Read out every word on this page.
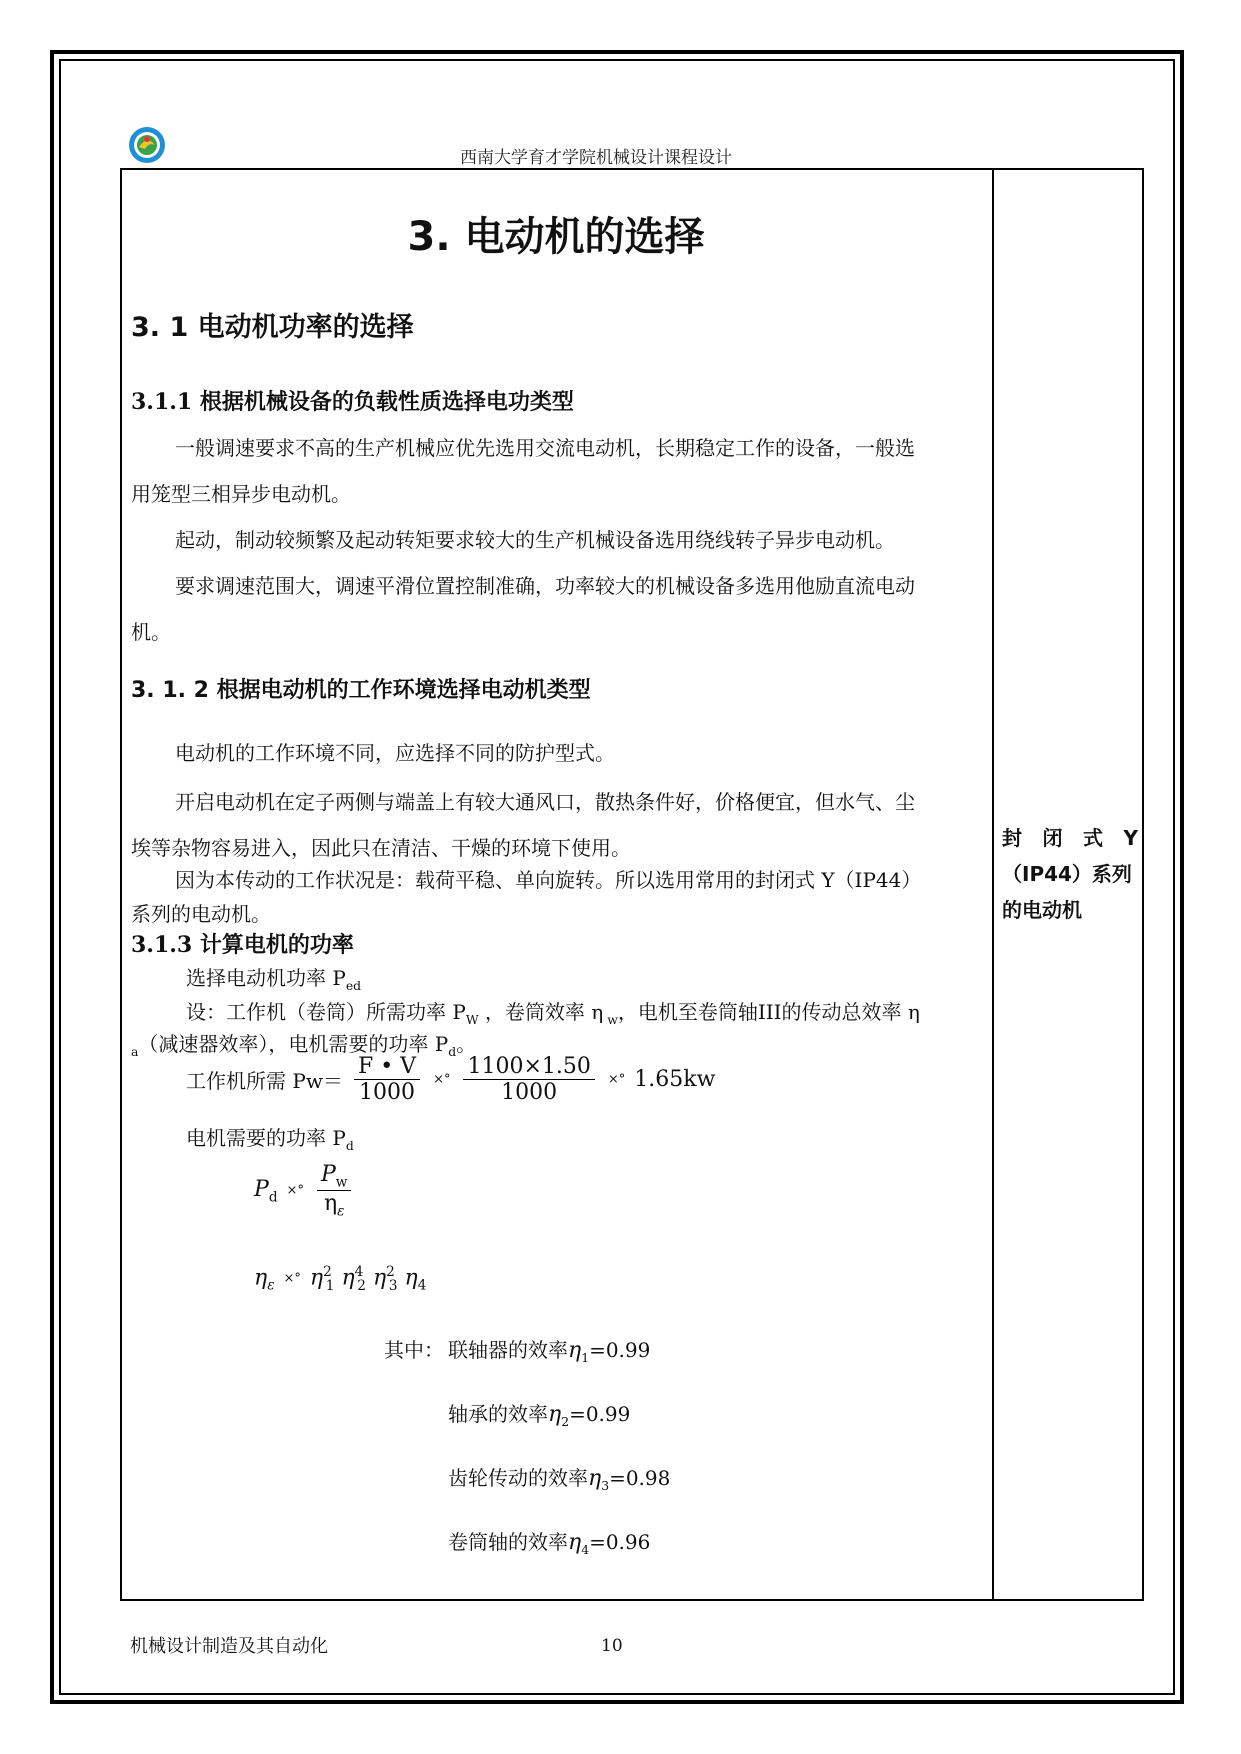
西南大学育才学院机械设计课程设计
3. 电动机的选择
3. 1 电动机功率的选择
3.1.1 根据机械设备的负载性质选择电功类型
一般调速要求不高的生产机械应优先选用交流电动机，长期稳定工作的设备，一般选
用笼型三相异步电动机。
起动，制动较频繁及起动转矩要求较大的生产机械设备选用绕线转子异步电动机。
要求调速范围大，调速平滑位置控制准确，功率较大的机械设备多选用他励直流电动
机。
3. 1. 2 根据电动机的工作环境选择电动机类型
电动机的工作环境不同，应选择不同的防护型式。
开启电动机在定子两侧与端盖上有较大通风口，散热条件好，价格便宜，但水气、尘
埃等杂物容易进入，因此只在清洁、干燥的环境下使用。
因为本传动的工作状况是：载荷平稳、单向旋转。所以选用常用的封闭式 Y（IP44）
系列的电动机。
3.1.3 计算电机的功率
选择电动机功率 $P_{ed}$
设：工作机（卷筒）所需功率 $P_W$ ，卷筒效率 η $_w$，电机至卷筒轴III的传动总效率 η
$_a$（减速器效率），电机需要的功率 $P_d$。
工作机所需 $Pw= \frac{F • V}{1000}$ ×° $\frac{1100\times 1.50}{1000}$ ×° 1.65kw
电机需要的功率 $P_d$
$P_d$ ×° $\frac{P_w}{\eta_\varepsilon}$
$\eta_\varepsilon$ ×° $\eta^2_1$ $\eta^4_2$ $\eta^2_3$ $\eta_4$
其中： 联轴器的效率$\eta_1=0.99$
轴承的效率$\eta_2=0.99$
齿轮传动的效率$\eta_3=0.98$
卷筒轴的效率$\eta_4=0.96$
封 闭 式 Y
（IP44）系列
的电动机
机械设计制造及其自动化	10
